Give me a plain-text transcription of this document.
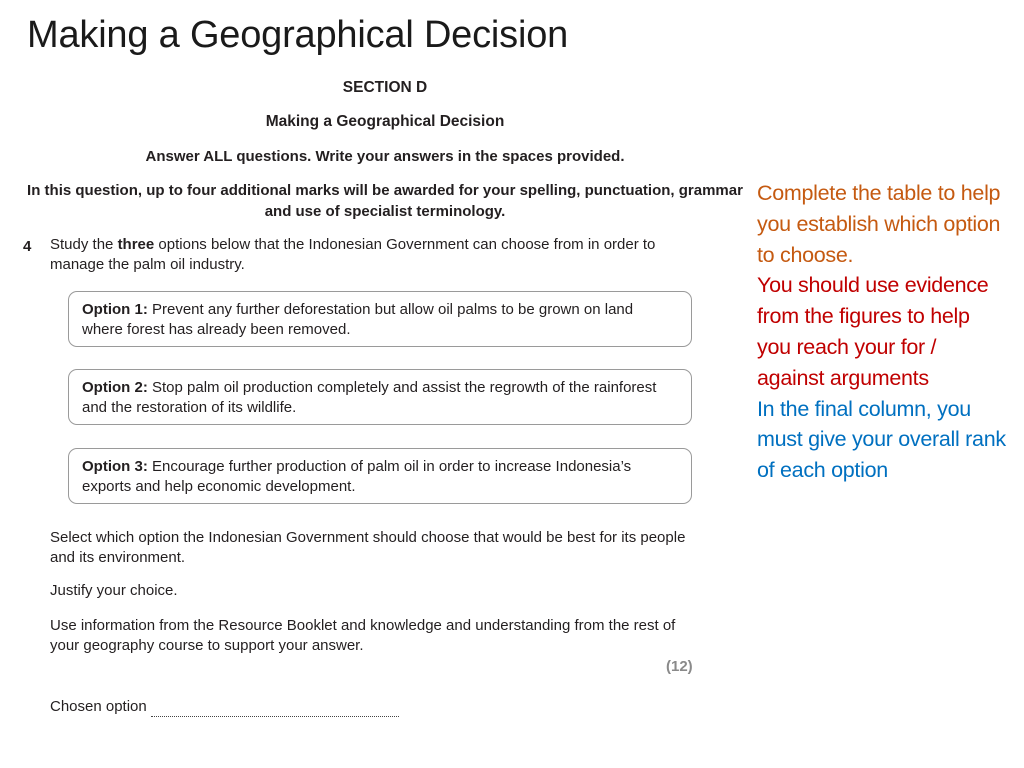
Making a Geographical Decision
SECTION D
Making a Geographical Decision
Answer ALL questions. Write your answers in the spaces provided.
In this question, up to four additional marks will be awarded for your spelling, punctuation, grammar and use of specialist terminology.
4 Study the three options below that the Indonesian Government can choose from in order to manage the palm oil industry.
Option 1: Prevent any further deforestation but allow oil palms to be grown on land where forest has already been removed.
Option 2: Stop palm oil production completely and assist the regrowth of the rainforest and the restoration of its wildlife.
Option 3: Encourage further production of palm oil in order to increase Indonesia’s exports and help economic development.
Select which option the Indonesian Government should choose that would be best for its people and its environment.
Justify your choice.
Use information from the Resource Booklet and knowledge and understanding from the rest of your geography course to support your answer.
(12)
Chosen option
Complete the table to help you establish which option to choose.
You should use evidence from the figures to help you reach your for / against arguments
In the final column, you must give your overall rank of each option
